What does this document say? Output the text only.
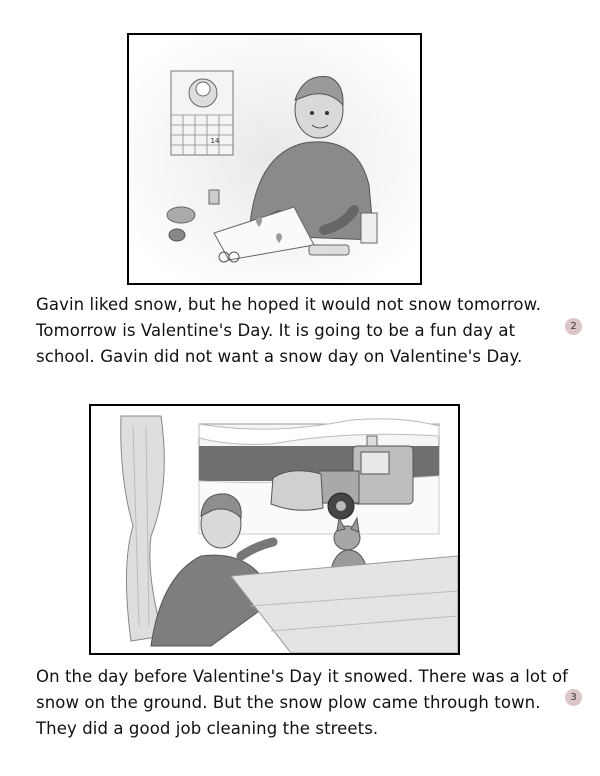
14

Gavin liked snow, but he hoped it would not snow tomorrow.
Tomorrow is Valentine's Day. It is going to be a fun day at
school. Gavin did not want a snow day on Valentine's Day.

2

On the day before Valentine's Day it snowed. There was a lot of
snow on the ground. But the snow plow came through town.
They did a good job cleaning the streets.

3
